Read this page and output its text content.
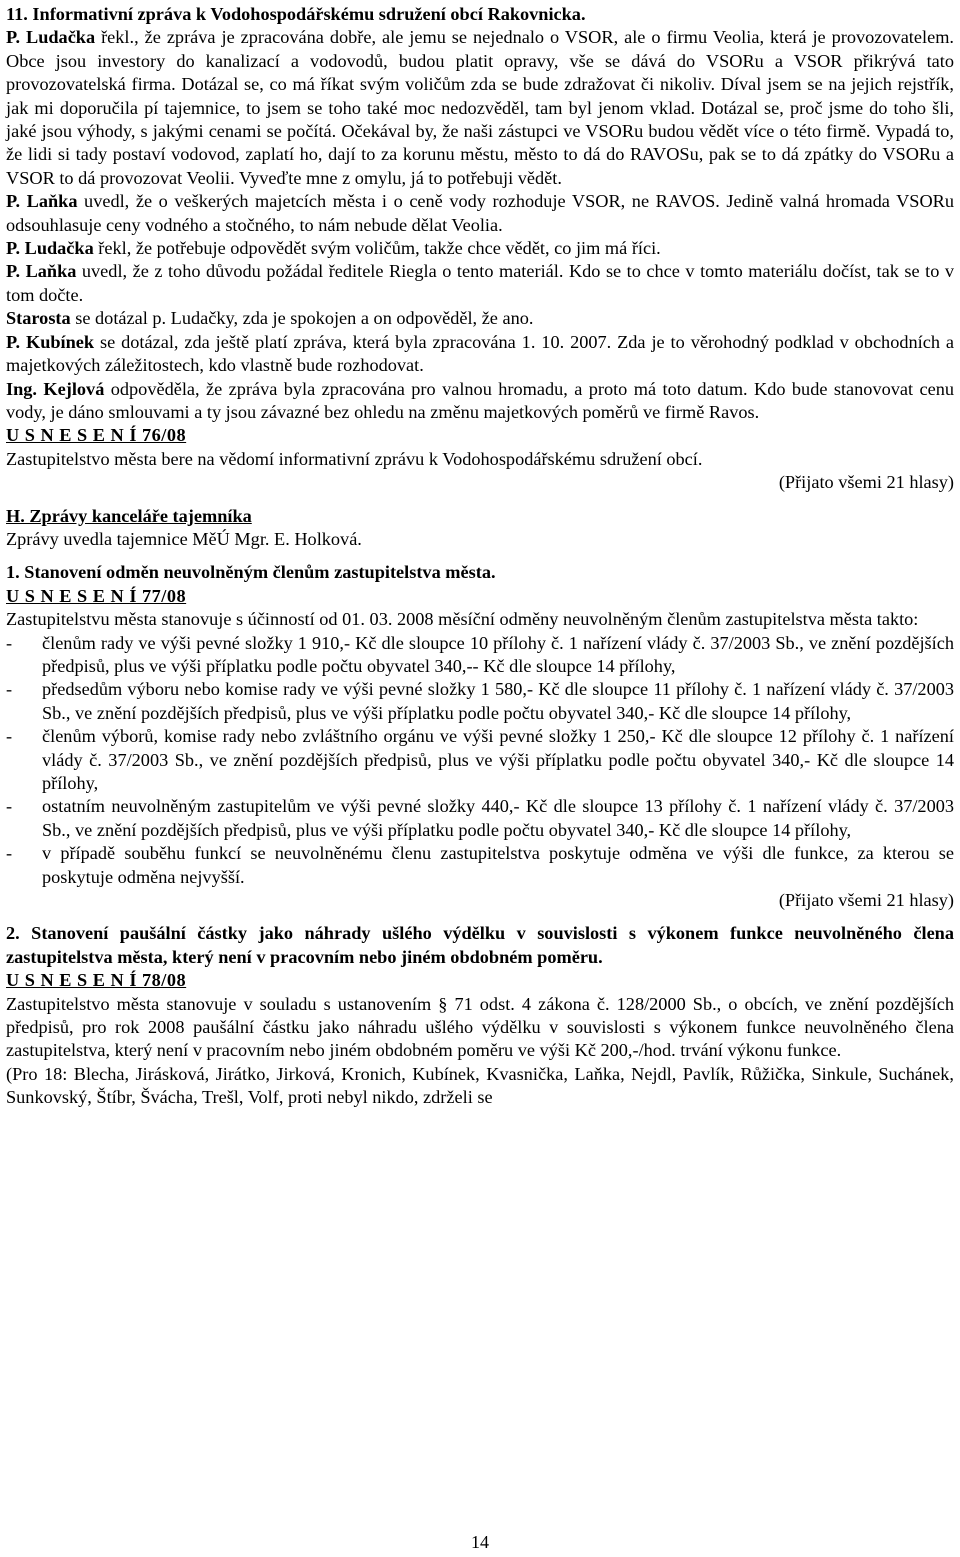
11. Informativní zpráva k Vodohospodářskému sdružení obcí Rakovnicka.

P. Ludačka řekl., že zpráva je zpracována dobře, ale jemu se nejednalo o VSOR, ale o firmu Veolia, která je provozovatelem. Obce jsou investory do kanalizací a vodovodů, budou platit opravy, vše se dává do VSORu a VSOR přikrývá tato provozovatelská firma. Dotázal se, co má říkat svým voličům zda se bude zdražovat či nikoliv. Díval jsem se na jejich rejstřík, jak mi doporučila pí tajemnice, to jsem se toho také moc nedozvěděl, tam byl jenom vklad. Dotázal se, proč jsme do toho šli, jaké jsou výhody, s jakými cenami se počítá. Očekával by, že naši zástupci ve VSORu budou vědět více o této firmě. Vypadá to, že lidi si tady postaví vodovod, zaplatí ho, dají to za korunu městu, město to dá do RAVOSu, pak se to dá zpátky do VSORu a VSOR to dá provozovat Veolii. Vyveďte mne z omylu, já to potřebuji vědět.

P. Laňka uvedl, že o veškerých majetcích města i o ceně vody rozhoduje VSOR, ne RAVOS. Jedině valná hromada VSORu odsouhlasuje ceny vodného a stočného, to nám nebude dělat Veolia.

P. Ludačka řekl, že potřebuje odpovědět svým voličům, takže chce vědět, co jim má říci.

P. Laňka uvedl, že z toho důvodu požádal ředitele Riegla o tento materiál. Kdo se to chce v tomto materiálu dočíst, tak se to v tom dočte.

Starosta se dotázal p. Ludačky, zda je spokojen a on odpověděl, že ano.

P. Kubínek se dotázal, zda ještě platí zpráva, která byla zpracována 1. 10. 2007. Zda je to věrohodný podklad v obchodních a majetkových záležitostech, kdo vlastně bude rozhodovat.

Ing. Kejlová odpověděla, že zpráva byla zpracována pro valnou hromadu, a proto má toto datum. Kdo bude stanovovat cenu vody, je dáno smlouvami a ty jsou závazné bez ohledu na změnu majetkových poměrů ve firmě Ravos.

U S N E S E N Í 76/08

Zastupitelstvo města bere na vědomí informativní zprávu k Vodohospodářskému sdružení obcí.

(Přijato všemi 21 hlasy)

H. Zprávy kanceláře tajemníka

Zprávy uvedla tajemnice MěÚ Mgr. E. Holková.

1. Stanovení odměn neuvolněným členům zastupitelstva města.

U S N E S E N Í 77/08

Zastupitelstvu města stanovuje s účinností od 01. 03. 2008 měsíční odměny neuvolněným členům zastupitelstva města takto:

- členům rady ve výši pevné složky 1 910,- Kč dle sloupce 10 přílohy č. 1 nařízení vlády č. 37/2003 Sb., ve znění pozdějších předpisů, plus ve výši příplatku podle počtu obyvatel 340,-- Kč dle sloupce 14 přílohy,
- předsedům výboru nebo komise rady ve výši pevné složky 1 580,- Kč dle sloupce 11 přílohy č. 1 nařízení vlády č. 37/2003 Sb., ve znění pozdějších předpisů, plus ve výši příplatku podle počtu obyvatel 340,- Kč dle sloupce 14 přílohy,
- členům výborů, komise rady nebo zvláštního orgánu ve výši pevné složky 1 250,- Kč dle sloupce 12 přílohy č. 1 nařízení vlády č. 37/2003 Sb., ve znění pozdějších předpisů, plus ve výši příplatku podle počtu obyvatel 340,- Kč dle sloupce 14 přílohy,
- ostatním neuvolněným zastupitelům ve výši pevné složky 440,- Kč dle sloupce 13 přílohy č. 1 nařízení vlády č. 37/2003 Sb., ve znění pozdějších předpisů, plus ve výši příplatku podle počtu obyvatel 340,- Kč dle sloupce 14 přílohy,
- v případě souběhu funkcí se neuvolněnému členu zastupitelstva poskytuje odměna ve výši dle funkce, za kterou se poskytuje odměna nejvyšší.

(Přijato všemi 21 hlasy)

2. Stanovení paušální částky jako náhrady ušlého výdělku v souvislosti s výkonem funkce neuvolněného člena zastupitelstva města, který není v pracovním nebo jiném obdobném poměru.

U S N E S E N Í 78/08

Zastupitelstvo města stanovuje v souladu s ustanovením § 71 odst. 4 zákona č. 128/2000 Sb., o obcích, ve znění pozdějších předpisů, pro rok 2008 paušální částku jako náhradu ušlého výdělku v souvislosti s výkonem funkce neuvolněného člena zastupitelstva, který není v pracovním nebo jiném obdobném poměru ve výši Kč 200,-/hod. trvání výkonu funkce.

(Pro 18: Blecha, Jirásková, Jirátko, Jirková, Kronich, Kubínek, Kvasnička, Laňka, Nejdl, Pavlík, Růžička, Sinkule, Suchánek, Sunkovský, Štíbr, Švácha, Trešl, Volf, proti nebyl nikdo, zdrželi se

14
